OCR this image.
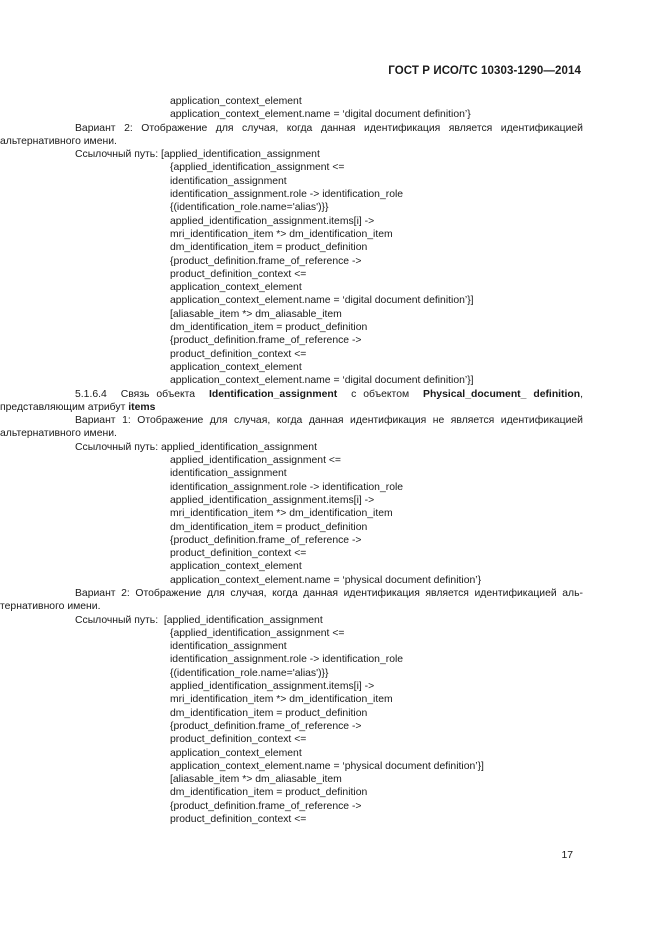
ГОСТ Р ИСО/ТС 10303-1290—2014
application_context_element
application_context_element.name = ‘digital document definition’}
Вариант 2: Отображение для случая, когда данная идентификация является идентификацией
альтернативного имени.
Ссылочный путь: [applied_identification_assignment
{applied_identification_assignment <=
identification_assignment
identification_assignment.role -> identification_role
{(identification_role.name='alias')}}
applied_identification_assignment.items[i] ->
mri_identification_item *> dm_identification_item
dm_identification_item = product_definition
{product_definition.frame_of_reference ->
product_definition_context <=
application_context_element
application_context_element.name = ‘digital document definition’}]
[aliasable_item *> dm_aliasable_item
dm_identification_item = product_definition
{product_definition.frame_of_reference ->
product_definition_context <=
application_context_element
application_context_element.name = ‘digital document definition’}]
5.1.6.4 Связь объекта Identification_assignment с объектом Physical_document_ definition,
представляющим атрибут items
Вариант 1: Отображение для случая, когда данная идентификация не является идентификацией
альтернативного имени.
Ссылочный путь: applied_identification_assignment
applied_identification_assignment <=
identification_assignment
identification_assignment.role -> identification_role
applied_identification_assignment.items[i] ->
mri_identification_item *> dm_identification_item
dm_identification_item = product_definition
{product_definition.frame_of_reference ->
product_definition_context <=
application_context_element
application_context_element.name = ‘physical document definition’}
Вариант 2: Отображение для случая, когда данная идентификация является идентификацией аль-
тернативного имени.
Ссылочный путь: [applied_identification_assignment
{applied_identification_assignment <=
identification_assignment
identification_assignment.role -> identification_role
{(identification_role.name='alias')}}
applied_identification_assignment.items[i] ->
mri_identification_item *> dm_identification_item
dm_identification_item = product_definition
{product_definition.frame_of_reference ->
product_definition_context <=
application_context_element
application_context_element.name = ‘physical document definition’}]
[aliasable_item *> dm_aliasable_item
dm_identification_item = product_definition
{product_definition.frame_of_reference ->
product_definition_context <=
17
